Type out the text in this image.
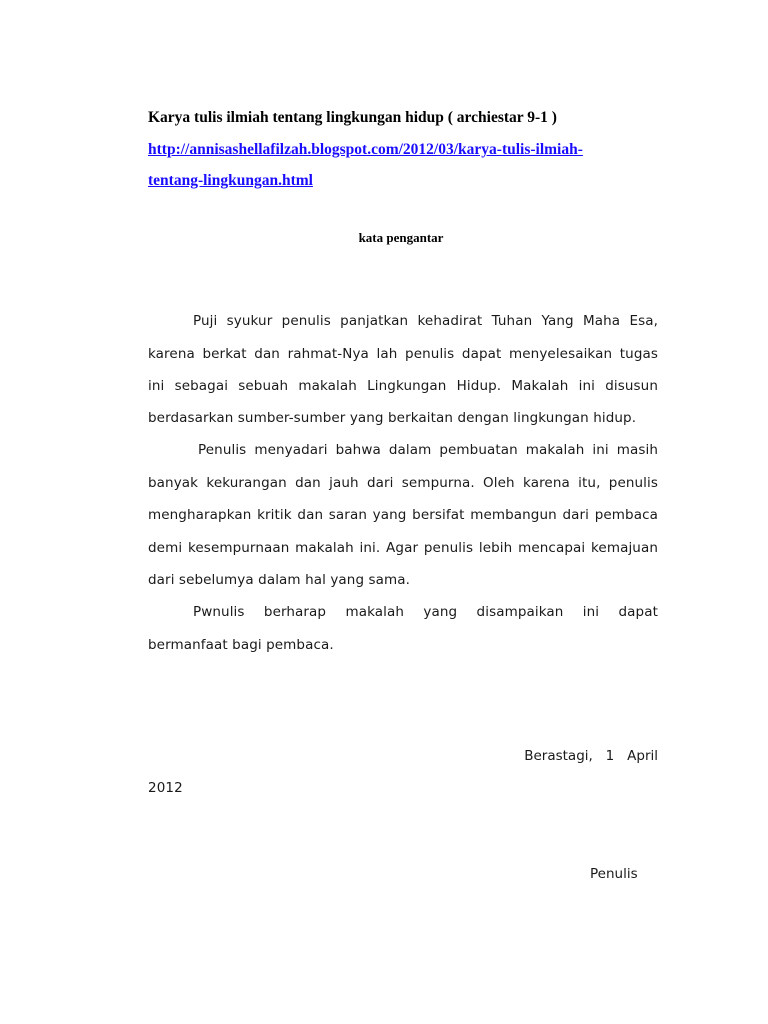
Karya tulis ilmiah tentang lingkungan hidup ( archiestar 9-1 )
http://annisashellafilzah.blogspot.com/2012/03/karya-tulis-ilmiah-
tentang-lingkungan.html
kata pengantar
Puji syukur penulis panjatkan kehadirat Tuhan Yang Maha Esa,
karena berkat dan rahmat-Nya lah penulis dapat menyelesaikan tugas
ini sebagai sebuah makalah Lingkungan Hidup. Makalah ini disusun
berdasarkan sumber-sumber yang berkaitan dengan lingkungan hidup.
Penulis menyadari bahwa dalam pembuatan makalah ini masih
banyak kekurangan dan jauh dari sempurna. Oleh karena itu, penulis
mengharapkan kritik dan saran yang bersifat membangun dari pembaca
demi kesempurnaan makalah ini. Agar penulis lebih mencapai kemajuan
dari sebelumya dalam hal yang sama.
Pwnulis berharap makalah yang disampaikan ini dapat
bermanfaat bagi pembaca.
Berastagi,   1   April
2012
Penulis
